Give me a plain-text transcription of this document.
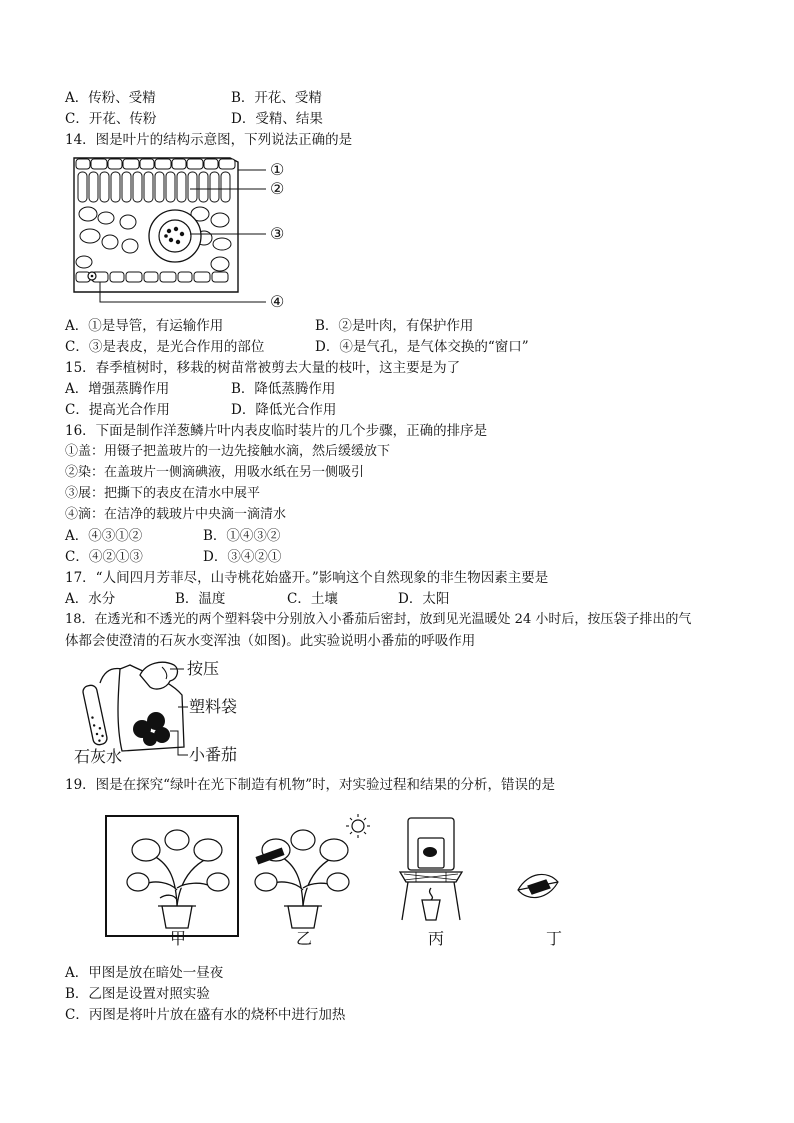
A．传粉、受精	B．开花、受精
C．开花、传粉	D．受精、结果
14．图是叶片的结构示意图，下列说法正确的是
①
②
③
④
A．①是导管，有运输作用	B．②是叶肉，有保护作用
C．③是表皮，是光合作用的部位	D．④是气孔，是气体交换的“窗口”
15．春季植树时，移栽的树苗常被剪去大量的枝叶，这主要是为了
A．增强蒸腾作用	B．降低蒸腾作用
C．提高光合作用	D．降低光合作用
16．下面是制作洋葱鳞片叶内表皮临时装片的几个步骤，正确的排序是
①盖：用镊子把盖玻片的一边先接触水滴，然后缓缓放下
②染：在盖玻片一侧滴碘液，用吸水纸在另一侧吸引
③展：把撕下的表皮在清水中展平
④滴：在洁净的载玻片中央滴一滴清水
A．④③①②	B．①④③②
C．④②①③	D．③④②①
17．“人间四月芳菲尽，山寺桃花始盛开。”影响这个自然现象的非生物因素主要是
A．水分	B．温度	C．土壤	D．太阳
18．在透光和不透光的两个塑料袋中分别放入小番茄后密封，放到见光温暖处 24 小时后，按压袋子排出的气
体都会使澄清的石灰水变浑浊（如图)。此实验说明小番茄的呼吸作用
按压
塑料袋
小番茄
石灰水
19．图是在探究“绿叶在光下制造有机物”时，对实验过程和结果的分析，错误的是
甲	乙	丙	丁
A．甲图是放在暗处一昼夜
B．乙图是设置对照实验
C．丙图是将叶片放在盛有水的烧杯中进行加热
